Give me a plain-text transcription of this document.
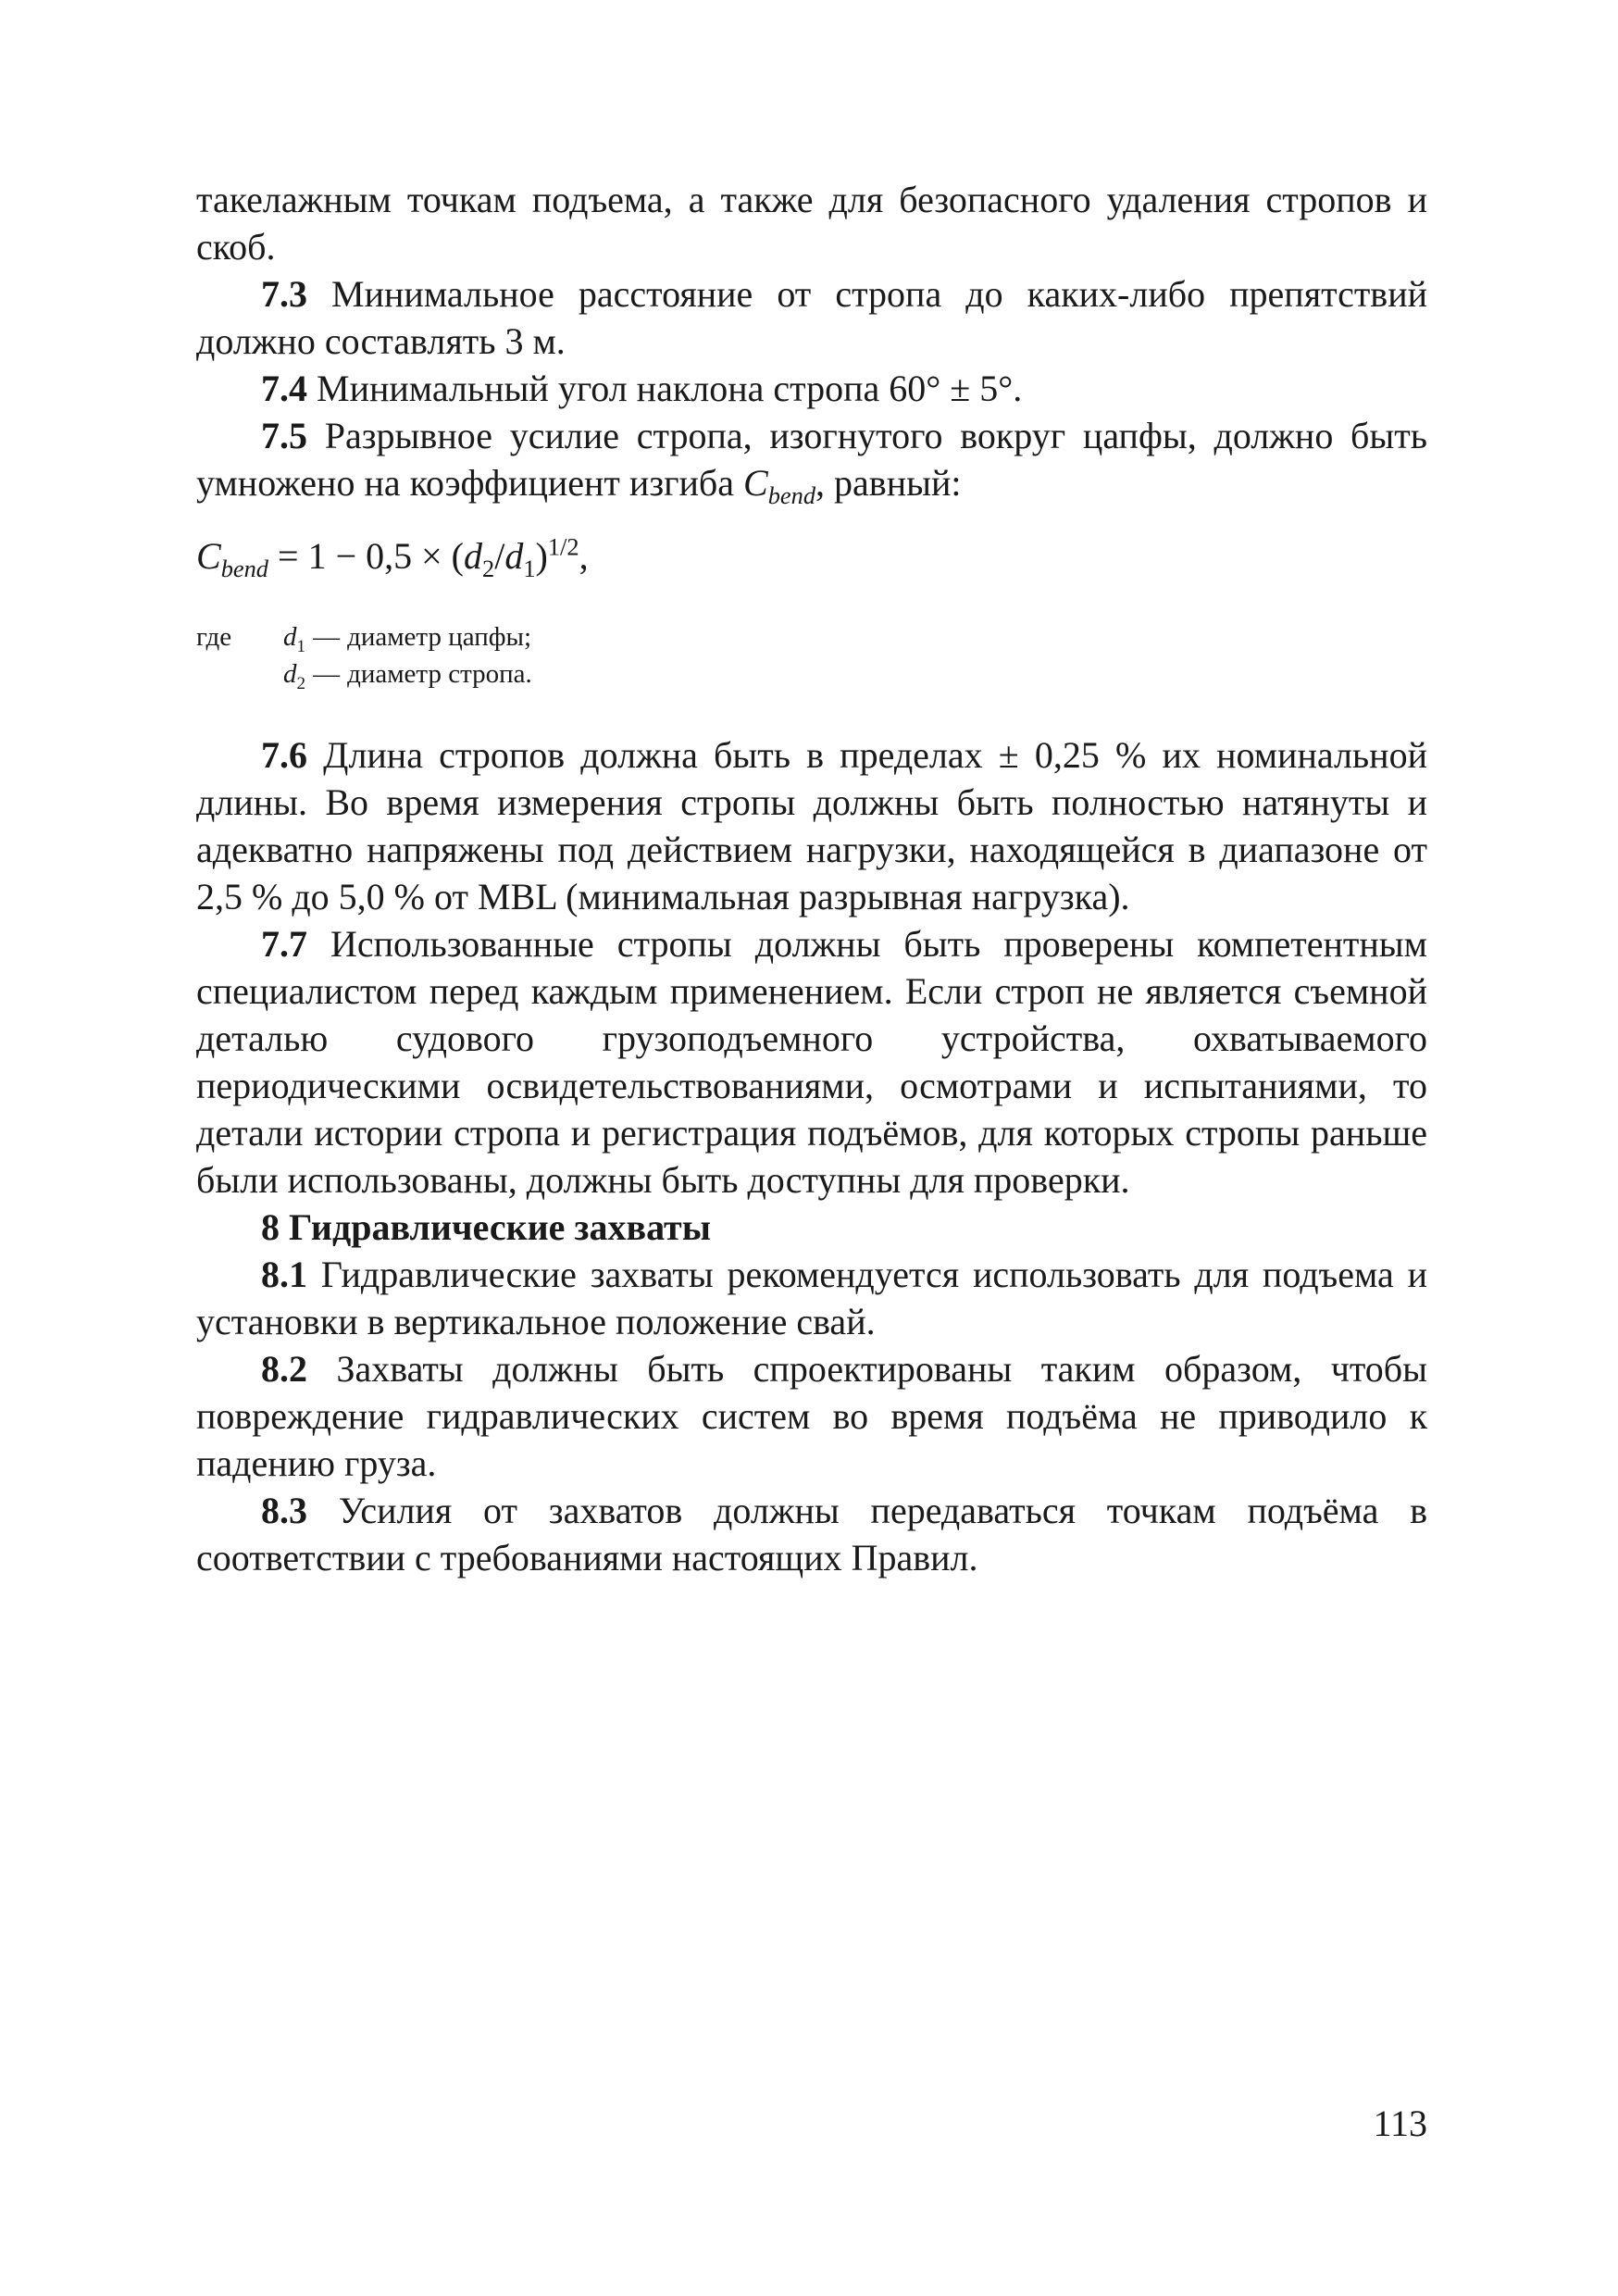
такелажным точкам подъема, а также для безопасного удаления стропов и скоб.

7.3 Минимальное расстояние от стропа до каких-либо препятствий должно составлять 3 м.

7.4 Минимальный угол наклона стропа 60° ± 5°.

7.5 Разрывное усилие стропа, изогнутого вокруг цапфы, должно быть умножено на коэффициент изгиба $C_{bend}$, равный:

$C_{bend} = 1 - 0,5 \times (d_2/d_1)^{1/2}$,
где	$d_1$	—	диаметр цапфы;
	$d_2$	—	диаметр стропа.

7.6 Длина стропов должна быть в пределах ± 0,25 % их номинальной длины. Во время измерения стропы должны быть полностью натянуты и адекватно напряжены под действием нагрузки, находящейся в диапазоне от 2,5 % до 5,0 % от MBL (минимальная разрывная нагрузка).

7.7 Использованные стропы должны быть проверены компетентным специалистом перед каждым применением. Если строп не является съемной деталью судового грузоподъемного устройства, охватываемого периодическими освидетельствованиями, осмотрами и испытаниями, то детали истории стропа и регистрация подъёмов, для которых стропы раньше были использованы, должны быть доступны для проверки.

8 Гидравлические захваты

8.1 Гидравлические захваты рекомендуется использовать для подъема и установки в вертикальное положение свай.

8.2 Захваты должны быть спроектированы таким образом, чтобы повреждение гидравлических систем во время подъёма не приводило к падению груза.

8.3 Усилия от захватов должны передаваться точкам подъёма в соответствии с требованиями настоящих Правил.

113
